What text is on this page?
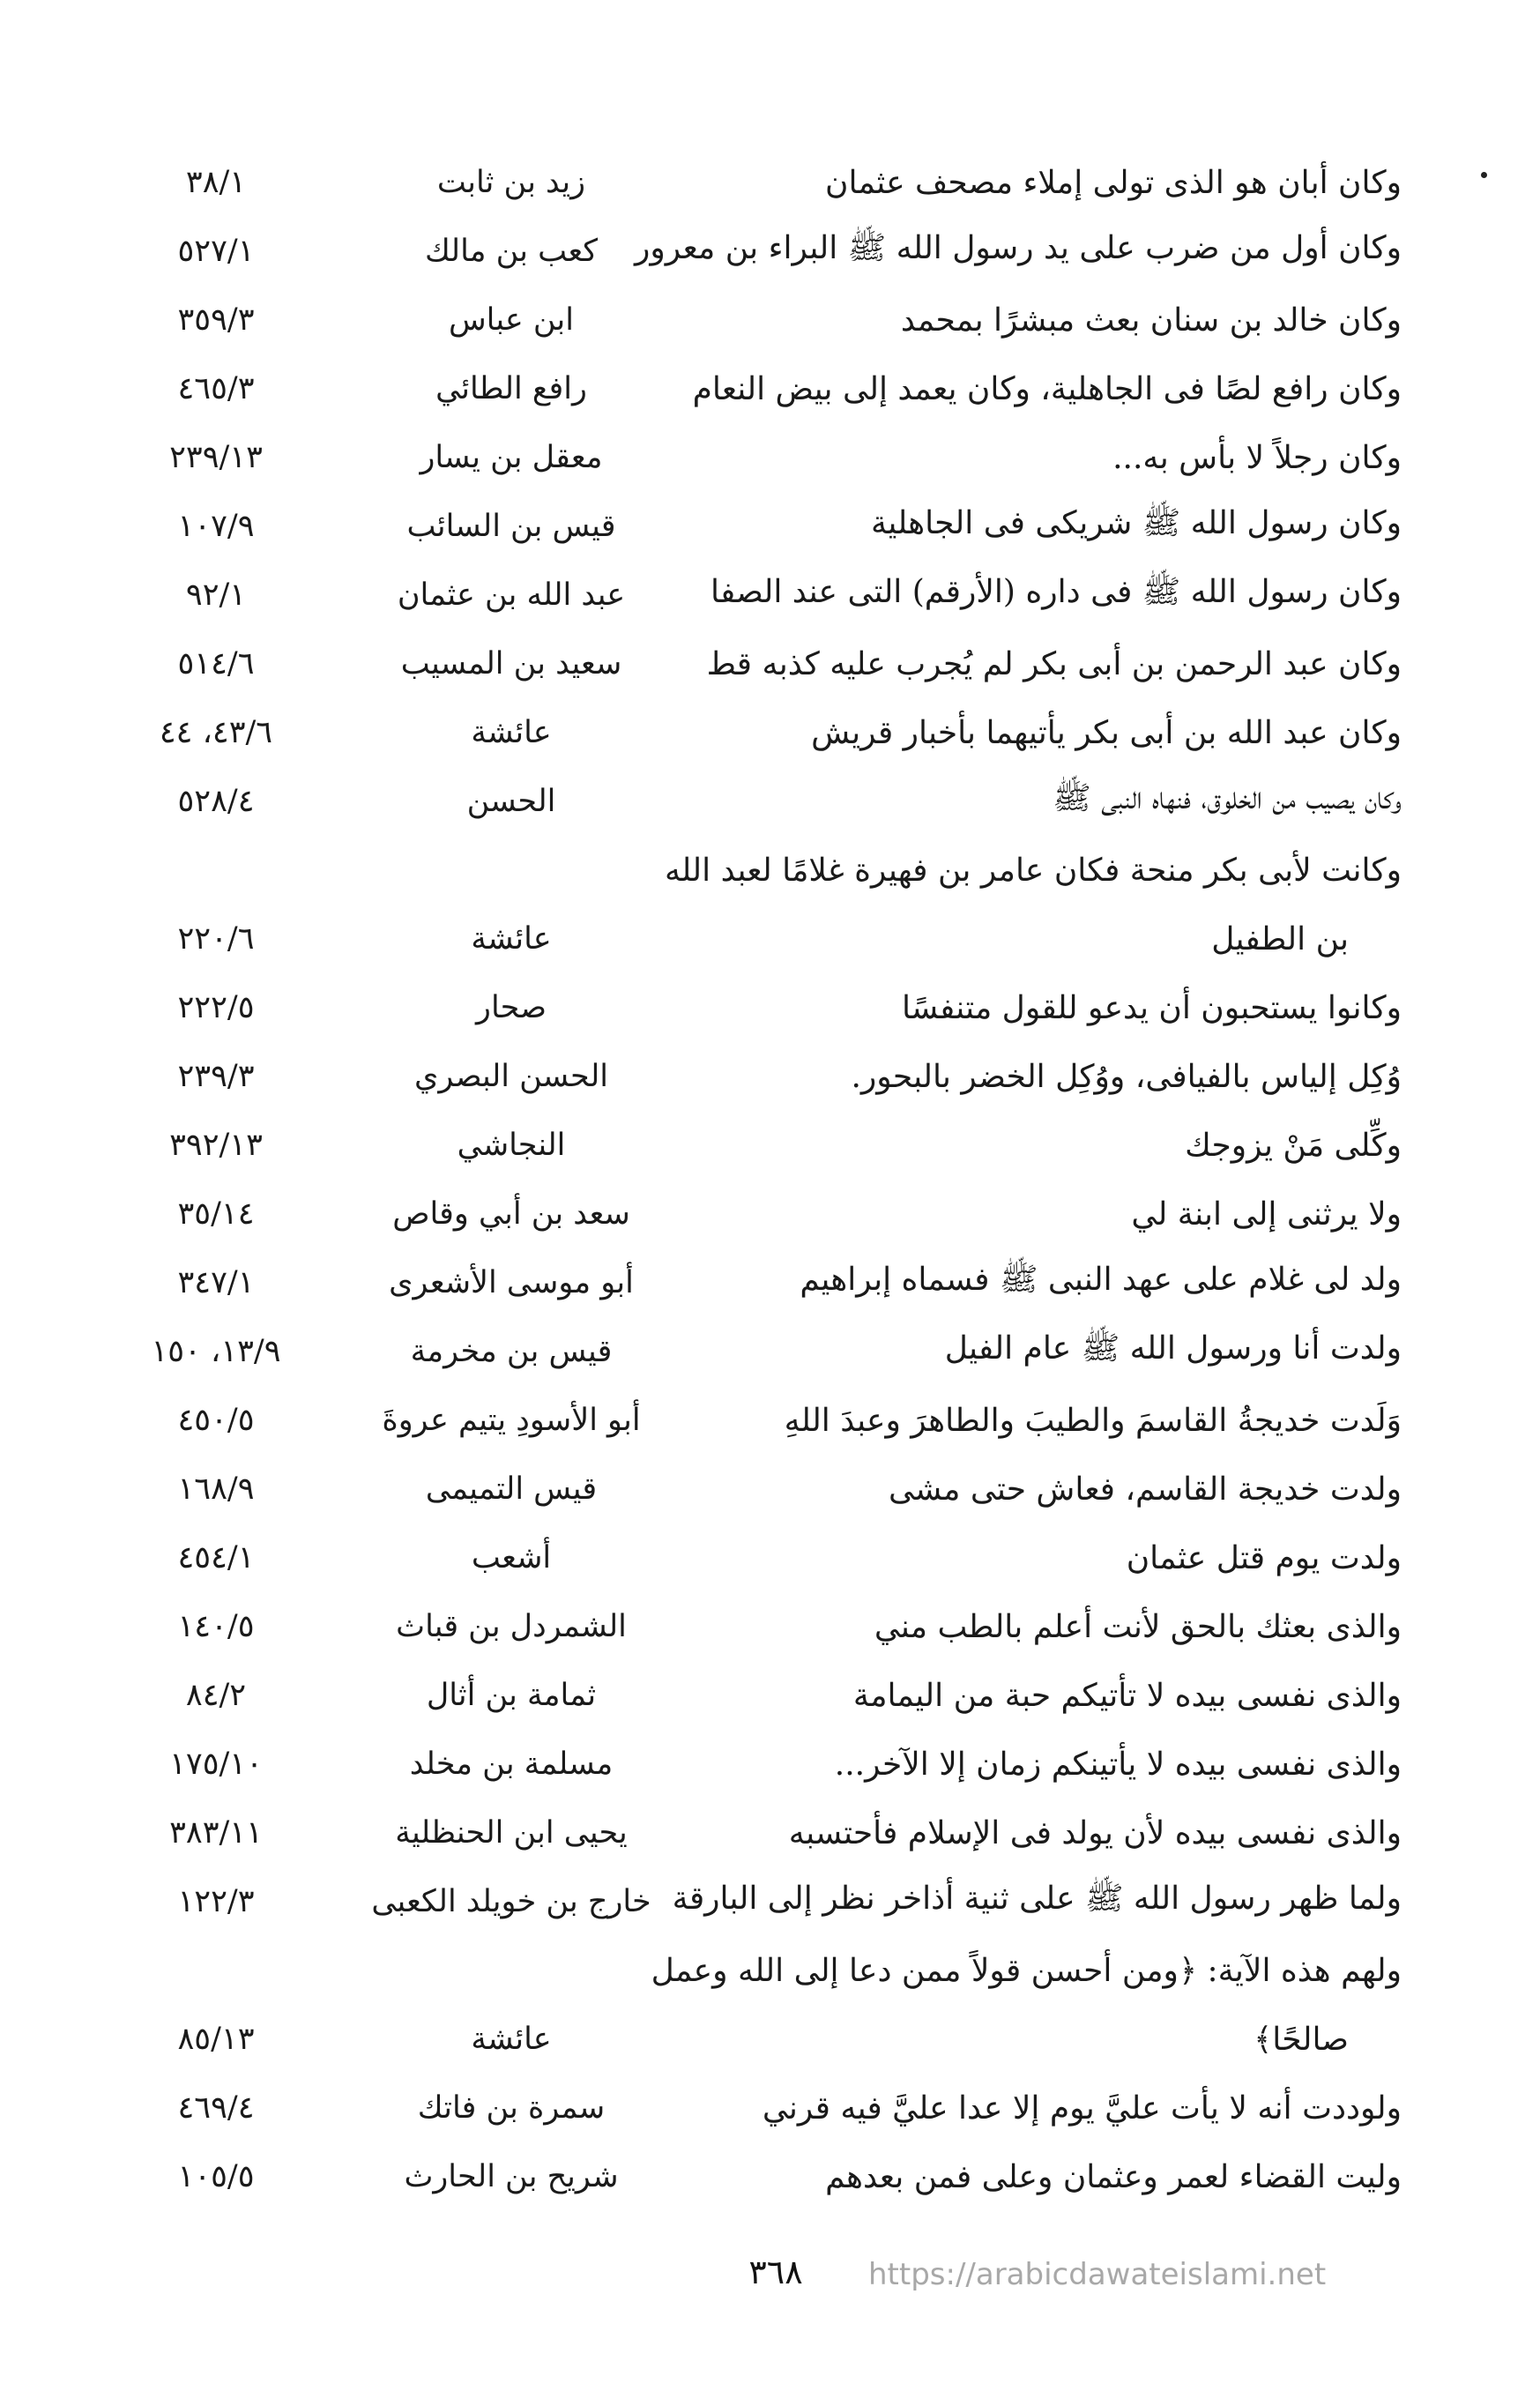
وكان أبان هو الذى تولى إملاء مصحف عثمان
زيد بن ثابت
٣٨/١
وكان أول من ضرب على يد رسول الله ﷺ البراء بن معرور
كعب بن مالك
٥٢٧/١
وكان خالد بن سنان بعث مبشرًا بمحمد
ابن عباس
٣٥٩/٣
وكان رافع لصًا فى الجاهلية، وكان يعمد إلى بيض النعام
رافع الطائي
٤٦٥/٣
وكان رجلاً لا بأس به...
معقل بن يسار
٢٣٩/١٣
وكان رسول الله ﷺ شريكى فى الجاهلية
قيس بن السائب
١٠٧/٩
وكان رسول الله ﷺ فى داره (الأرقم) التى عند الصفا
عبد الله بن عثمان
٩٢/١
وكان عبد الرحمن بن أبى بكر لم يُجرب عليه كذبه قط
سعيد بن المسيب
٥١٤/٦
وكان عبد الله بن أبى بكر يأتيهما بأخبار قريش
عائشة
٤٣/٦، ٤٤
وكان يصيب من الخلوق، فنهاه النبى ﷺ
الحسن
٥٢٨/٤
وكانت لأبى بكر منحة فكان عامر بن فهيرة غلامًا لعبد الله
بن الطفيل
عائشة
٢٢٠/٦
وكانوا يستحبون أن يدعو للقول متنفسًا
صحار
٢٢٢/٥
وُكِل إلياس بالفيافى، ووُكِل الخضر بالبحور.
الحسن البصري
٢٣٩/٣
وكِّلى مَنْ يزوجك
النجاشي
٣٩٢/١٣
ولا يرثنى إلى ابنة لي
سعد بن أبي وقاص
٣٥/١٤
ولد لى غلام على عهد النبى ﷺ فسماه إبراهيم
أبو موسى الأشعرى
٣٤٧/١
ولدت أنا ورسول الله ﷺ عام الفيل
قيس بن مخرمة
١٣/٩، ١٥٠
وَلَدت خديجةُ القاسمَ والطيبَ والطاهرَ وعبدَ اللهِ
أبو الأسودِ يتيم عروةَ
٤٥٠/٥
ولدت خديجة القاسم، فعاش حتى مشى
قيس التميمى
١٦٨/٩
ولدت يوم قتل عثمان
أشعب
٤٥٤/١
والذى بعثك بالحق لأنت أعلم بالطب مني
الشمردل بن قباث
١٤٠/٥
والذى نفسى بيده لا تأتيكم حبة من اليمامة
ثمامة بن أثال
٨٤/٢
والذى نفسى بيده لا يأتينكم زمان إلا الآخر...
مسلمة بن مخلد
١٧٥/١٠
والذى نفسى بيده لأن يولد فى الإسلام فأحتسبه
يحيى ابن الحنظلية
٣٨٣/١١
ولما ظهر رسول الله ﷺ على ثنية أذاخر نظر إلى البارقة
خارج بن خويلد الكعبى
١٢٢/٣
ولهم هذه الآية: ﴿ومن أحسن قولاً ممن دعا إلى الله وعمل
صالحًا﴾
عائشة
٨٥/١٣
ولوددت أنه لا يأت عليَّ يوم إلا عدا عليَّ فيه قرني
سمرة بن فاتك
٤٦٩/٤
وليت القضاء لعمر وعثمان وعلى فمن بعدهم
شريح بن الحارث
١٠٥/٥
٣٦٨	https://arabicdawateislami.net
